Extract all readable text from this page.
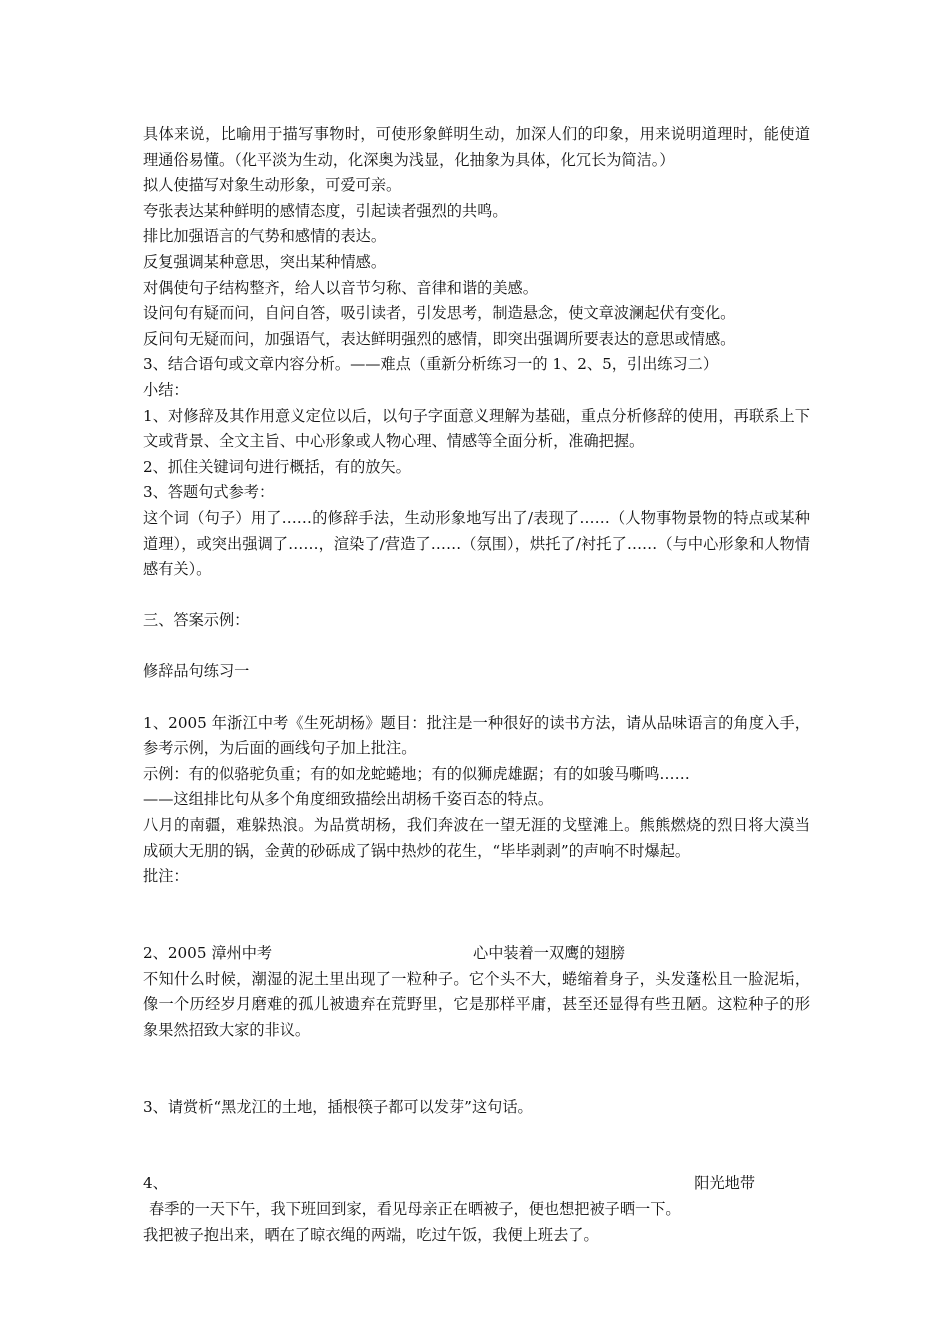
具体来说，比喻用于描写事物时，可使形象鲜明生动，加深人们的印象，用来说明道理时，能使道理通俗易懂。（化平淡为生动，化深奥为浅显，化抽象为具体，化冗长为简洁。）

拟人使描写对象生动形象，可爱可亲。

夸张表达某种鲜明的感情态度，引起读者强烈的共鸣。

排比加强语言的气势和感情的表达。

反复强调某种意思，突出某种情感。

对偶使句子结构整齐，给人以音节匀称、音律和谐的美感。

设问句有疑而问，自问自答，吸引读者，引发思考，制造悬念，使文章波澜起伏有变化。

反问句无疑而问，加强语气，表达鲜明强烈的感情，即突出强调所要表达的意思或情感。

3、结合语句或文章内容分析。——难点（重新分析练习一的 1、2、5，引出练习二）

小结：

1、对修辞及其作用意义定位以后，以句子字面意义理解为基础，重点分析修辞的使用，再联系上下文或背景、全文主旨、中心形象或人物心理、情感等全面分析，准确把握。

2、抓住关键词句进行概括，有的放矢。

3、答题句式参考：

这个词（句子）用了……的修辞手法，生动形象地写出了/表现了……（人物事物景物的特点或某种道理），或突出强调了……，渲染了/营造了……（氛围），烘托了/衬托了……（与中心形象和人物情感有关）。

三、答案示例：

修辞品句练习一

1、2005 年浙江中考《生死胡杨》题目：批注是一种很好的读书方法，请从品味语言的角度入手，参考示例，为后面的画线句子加上批注。

示例：有的似骆驼负重；有的如龙蛇蜷地；有的似狮虎雄踞；有的如骏马嘶鸣……

——这组排比句从多个角度细致描绘出胡杨千姿百态的特点。

八月的南疆，难躲热浪。为品赏胡杨，我们奔波在一望无涯的戈壁滩上。熊熊燃烧的烈日将大漠当成硕大无朋的锅，金黄的砂砾成了锅中热炒的花生，“毕毕剥剥”的声响不时爆起。

批注：

2、2005 漳州中考	心中装着一双鹰的翅膀

不知什么时候，潮湿的泥土里出现了一粒种子。它个头不大，蜷缩着身子，头发蓬松且一脸泥垢，像一个历经岁月磨难的孤儿被遗弃在荒野里，它是那样平庸，甚至还显得有些丑陋。这粒种子的形象果然招致大家的非议。

3、请赏析“黑龙江的土地，插根筷子都可以发芽”这句话。

4、	阳光地带

春季的一天下午，我下班回到家，看见母亲正在晒被子，便也想把被子晒一下。

我把被子抱出来，晒在了晾衣绳的两端，吃过午饭，我便上班去了。
